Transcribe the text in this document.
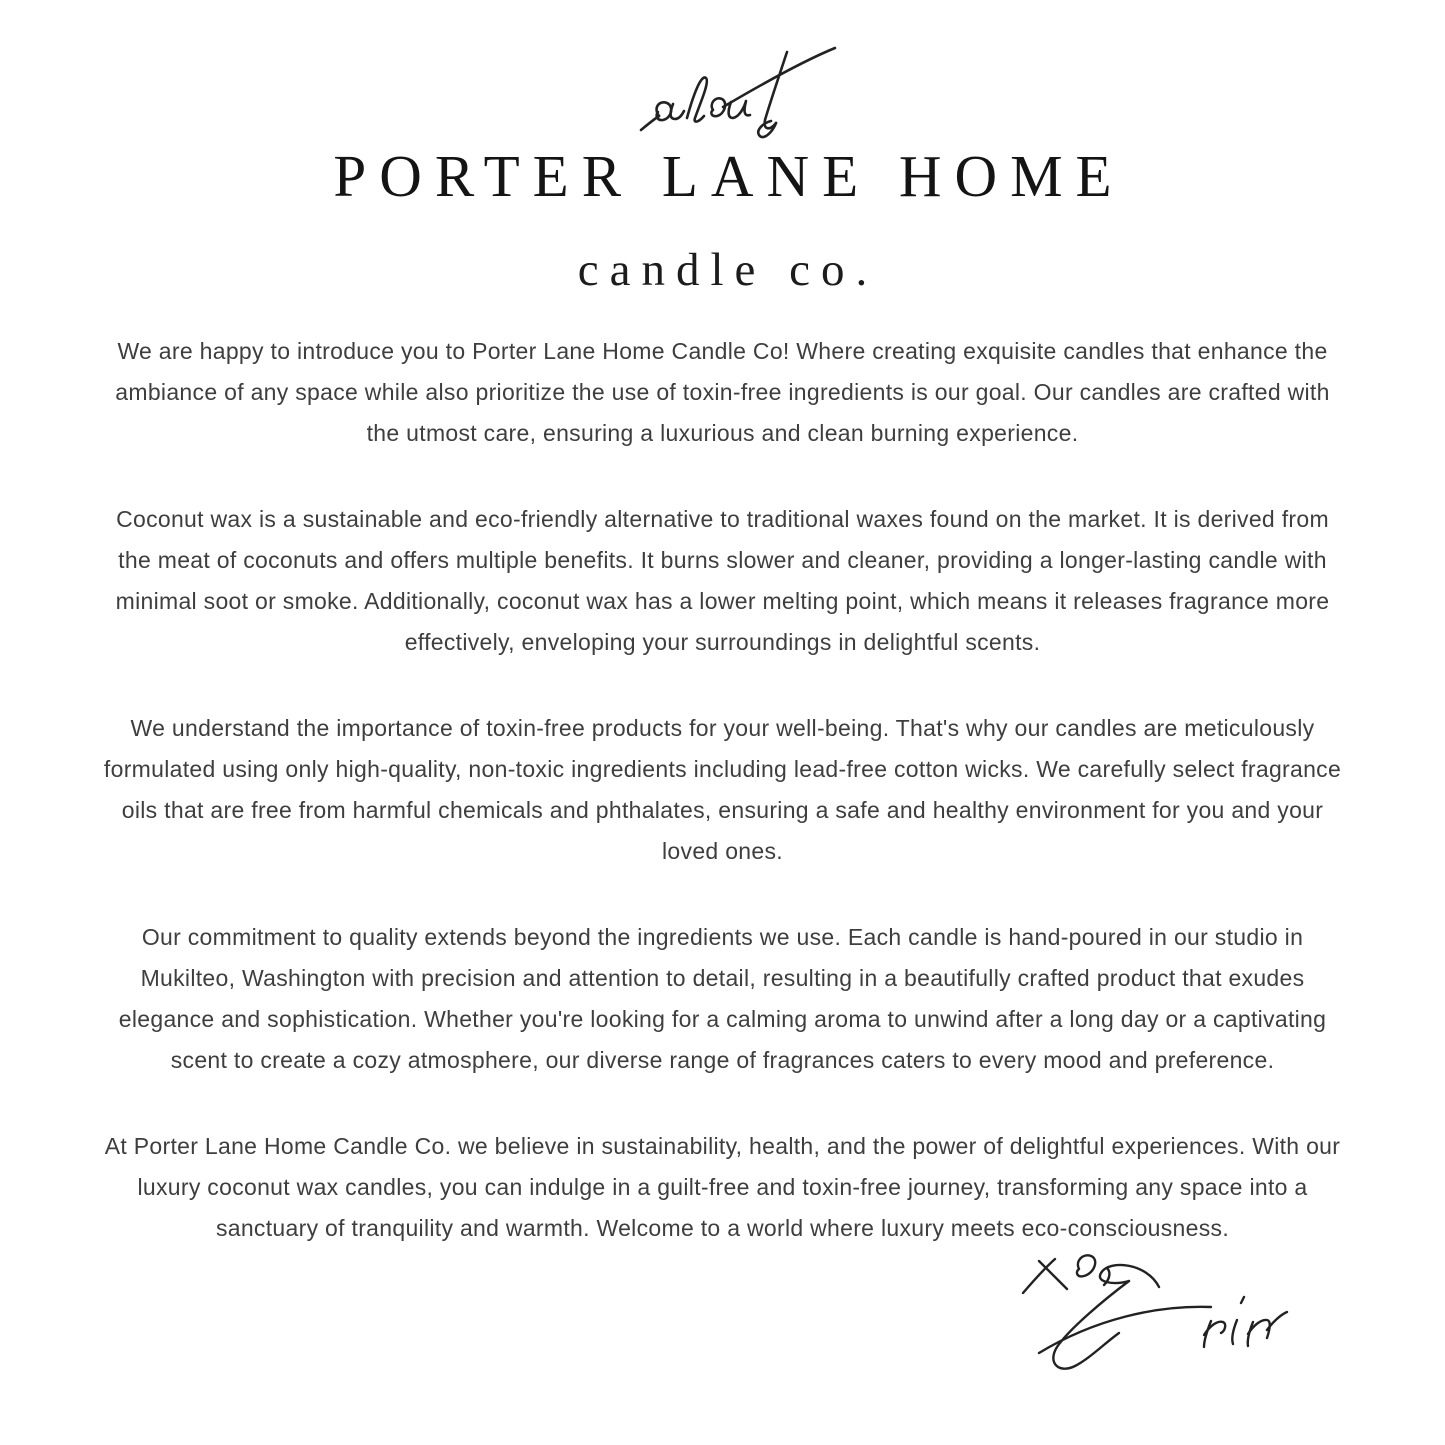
PORTER LANE HOME
candle co.

We are happy to introduce you to Porter Lane Home Candle Co! Where creating exquisite candles that enhance the ambiance of any space while also prioritize the use of toxin-free ingredients is our goal. Our candles are crafted with the utmost care, ensuring a luxurious and clean burning experience.

Coconut wax is a sustainable and eco-friendly alternative to traditional waxes found on the market. It is derived from the meat of coconuts and offers multiple benefits. It burns slower and cleaner, providing a longer-lasting candle with minimal soot or smoke. Additionally, coconut wax has a lower melting point, which means it releases fragrance more effectively, enveloping your surroundings in delightful scents.

We understand the importance of toxin-free products for your well-being. That's why our candles are meticulously formulated using only high-quality, non-toxic ingredients including lead-free cotton wicks. We carefully select fragrance oils that are free from harmful chemicals and phthalates, ensuring a safe and healthy environment for you and your loved ones.

Our commitment to quality extends beyond the ingredients we use. Each candle is hand-poured in our studio in Mukilteo, Washington with precision and attention to detail, resulting in a beautifully crafted product that exudes elegance and sophistication. Whether you're looking for a calming aroma to unwind after a long day or a captivating scent to create a cozy atmosphere, our diverse range of fragrances caters to every mood and preference.

At Porter Lane Home Candle Co. we believe in sustainability, health, and the power of delightful experiences. With our luxury coconut wax candles, you can indulge in a guilt-free and toxin-free journey, transforming any space into a sanctuary of tranquility and warmth. Welcome to a world where luxury meets eco-consciousness.
